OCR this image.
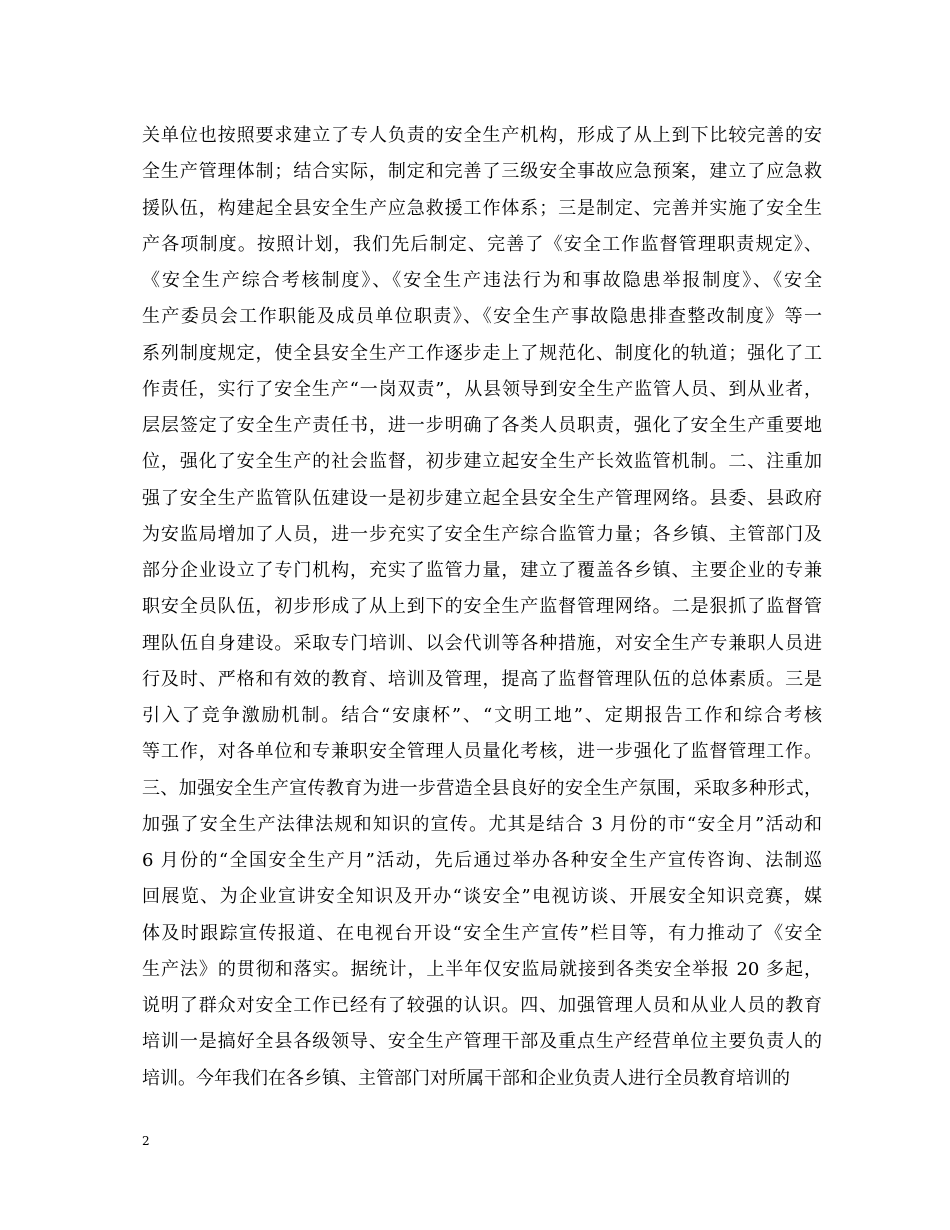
关单位也按照要求建立了专人负责的安全生产机构，形成了从上到下比较完善的安
全生产管理体制；结合实际，制定和完善了三级安全事故应急预案，建立了应急救
援队伍，构建起全县安全生产应急救援工作体系；三是制定、完善并实施了安全生
产各项制度。按照计划，我们先后制定、完善了《安全工作监督管理职责规定》、
《安全生产综合考核制度》、《安全生产违法行为和事故隐患举报制度》、《安全
生产委员会工作职能及成员单位职责》、《安全生产事故隐患排查整改制度》等一
系列制度规定，使全县安全生产工作逐步走上了规范化、制度化的轨道；强化了工
作责任，实行了安全生产“一岗双责”，从县领导到安全生产监管人员、到从业者，
层层签定了安全生产责任书，进一步明确了各类人员职责，强化了安全生产重要地
位，强化了安全生产的社会监督，初步建立起安全生产长效监管机制。二、注重加
强了安全生产监管队伍建设一是初步建立起全县安全生产管理网络。县委、县政府
为安监局增加了人员，进一步充实了安全生产综合监管力量；各乡镇、主管部门及
部分企业设立了专门机构，充实了监管力量，建立了覆盖各乡镇、主要企业的专兼
职安全员队伍，初步形成了从上到下的安全生产监督管理网络。二是狠抓了监督管
理队伍自身建设。采取专门培训、以会代训等各种措施，对安全生产专兼职人员进
行及时、严格和有效的教育、培训及管理，提高了监督管理队伍的总体素质。三是
引入了竞争激励机制。结合“安康杯”、“文明工地”、定期报告工作和综合考核
等工作，对各单位和专兼职安全管理人员量化考核，进一步强化了监督管理工作。
三、加强安全生产宣传教育为进一步营造全县良好的安全生产氛围，采取多种形式，
加强了安全生产法律法规和知识的宣传。尤其是结合 3 月份的市“安全月”活动和
6 月份的“全国安全生产月”活动，先后通过举办各种安全生产宣传咨询、法制巡
回展览、为企业宣讲安全知识及开办“谈安全”电视访谈、开展安全知识竞赛，媒
体及时跟踪宣传报道、在电视台开设“安全生产宣传”栏目等，有力推动了《安全
生产法》的贯彻和落实。据统计，上半年仅安监局就接到各类安全举报 20 多起，
说明了群众对安全工作已经有了较强的认识。四、加强管理人员和从业人员的教育
培训一是搞好全县各级领导、安全生产管理干部及重点生产经营单位主要负责人的
培训。今年我们在各乡镇、主管部门对所属干部和企业负责人进行全员教育培训的
2
